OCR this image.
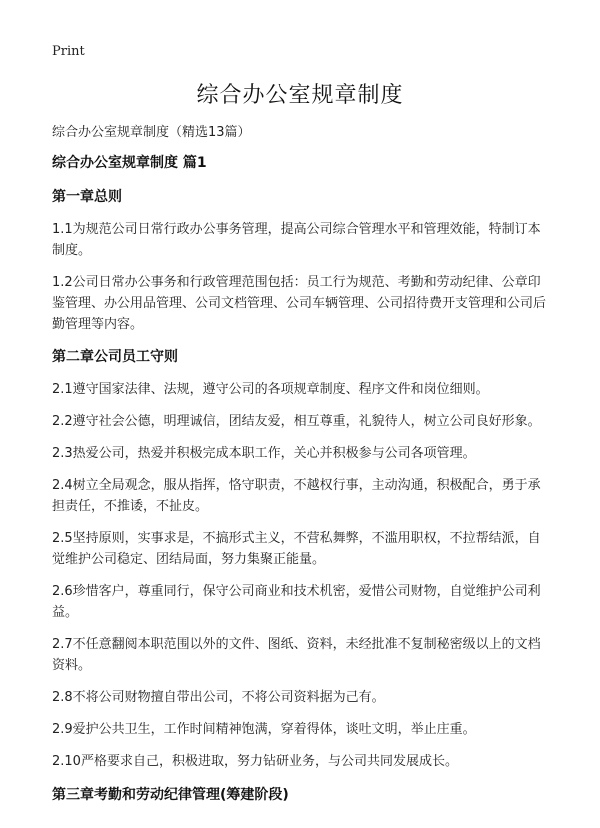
Print
综合办公室规章制度
综合办公室规章制度（精选13篇）
综合办公室规章制度 篇1
第一章总则

1.1为规范公司日常行政办公事务管理，提高公司综合管理水平和管理效能，特制订本制度。

1.2公司日常办公事务和行政管理范围包括：员工行为规范、考勤和劳动纪律、公章印鉴管理、办公用品管理、公司文档管理、公司车辆管理、公司招待费开支管理和公司后勤管理等内容。

第二章公司员工守则

2.1遵守国家法律、法规，遵守公司的各项规章制度、程序文件和岗位细则。

2.2遵守社会公德，明理诚信，团结友爱，相互尊重，礼貌待人，树立公司良好形象。

2.3热爱公司，热爱并积极完成本职工作，关心并积极参与公司各项管理。

2.4树立全局观念，服从指挥，恪守职责，不越权行事，主动沟通，积极配合，勇于承担责任，不推诿，不扯皮。

2.5坚持原则，实事求是，不搞形式主义，不营私舞弊，不滥用职权，不拉帮结派，自觉维护公司稳定、团结局面，努力集聚正能量。

2.6珍惜客户，尊重同行，保守公司商业和技术机密，爱惜公司财物，自觉维护公司利益。

2.7不任意翻阅本职范围以外的文件、图纸、资料，未经批准不复制秘密级以上的文档资料。

2.8不将公司财物擅自带出公司，不将公司资料据为己有。

2.9爱护公共卫生，工作时间精神饱满，穿着得体，谈吐文明，举止庄重。

2.10严格要求自己，积极进取，努力钻研业务，与公司共同发展成长。

第三章考勤和劳动纪律管理(筹建阶段)
